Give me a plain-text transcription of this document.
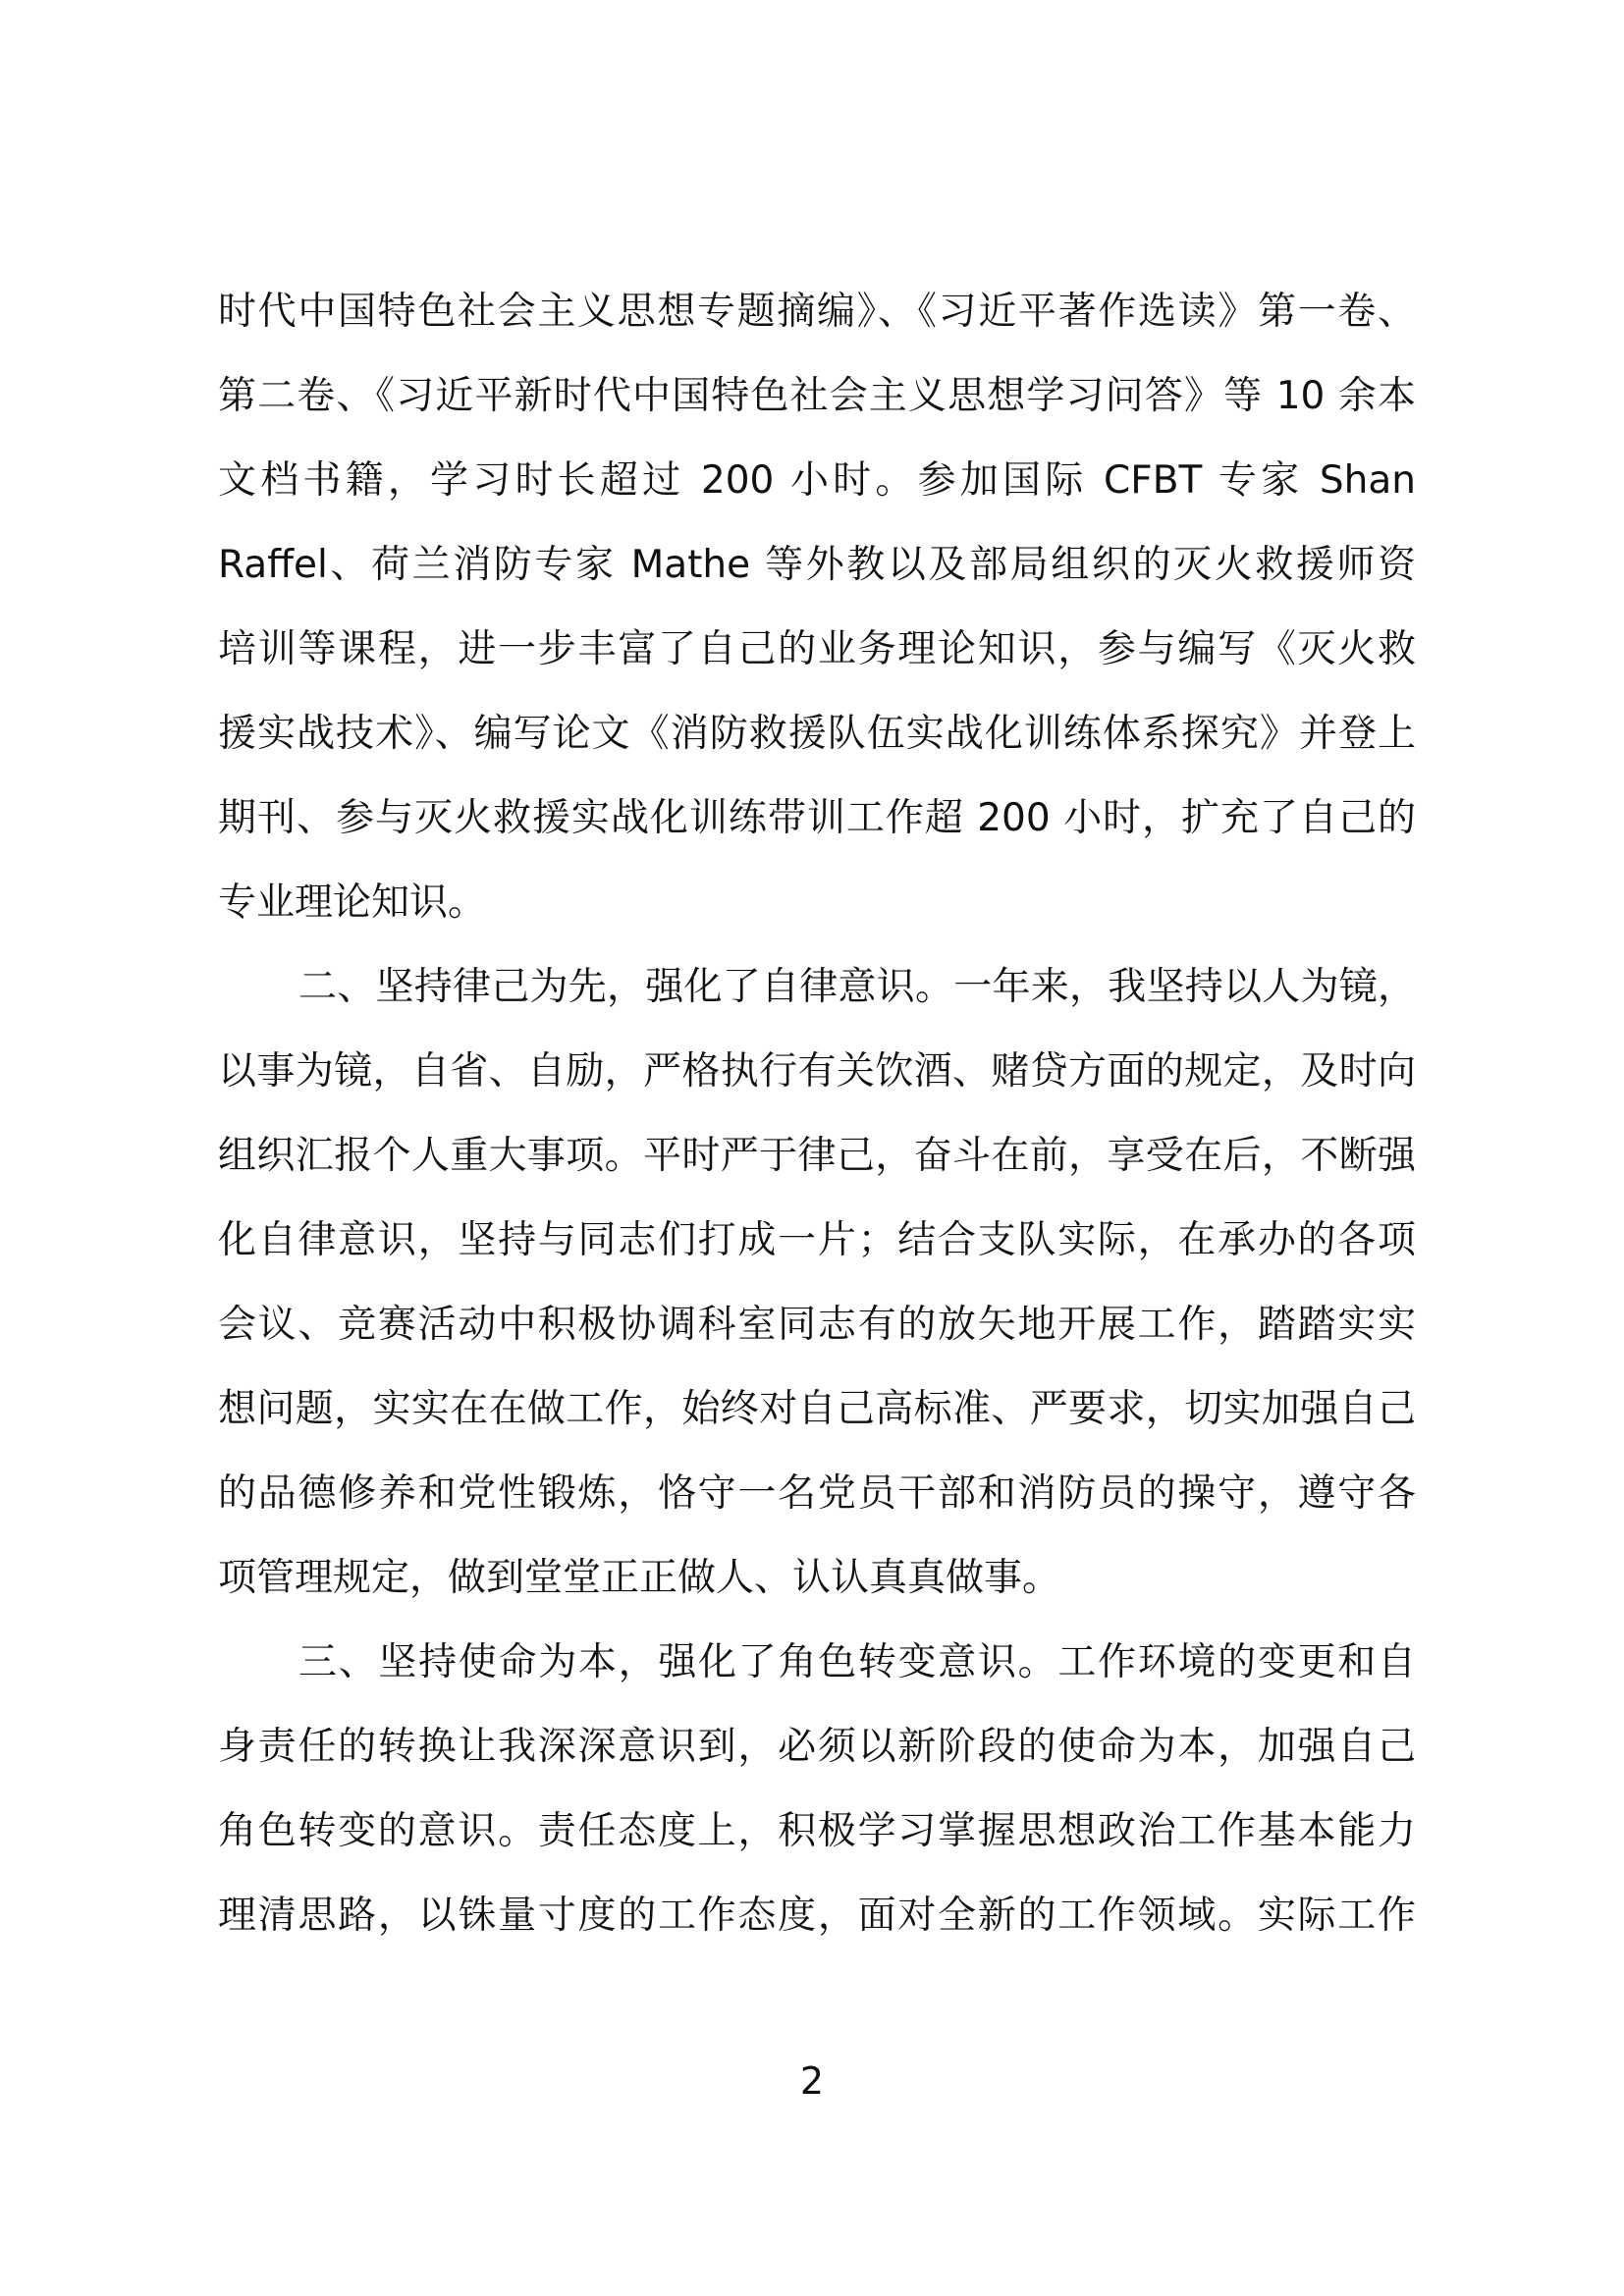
时代中国特色社会主义思想专题摘编》、《习近平著作选读》第一卷、
第二卷、《习近平新时代中国特色社会主义思想学习问答》等 10 余本
文档书籍，学习时长超过 200 小时。参加国际 CFBT 专家 Shan
Raffel、荷兰消防专家 Mathe 等外教以及部局组织的灭火救援师资
培训等课程，进一步丰富了自己的业务理论知识，参与编写《灭火救
援实战技术》、编写论文《消防救援队伍实战化训练体系探究》并登上
期刊、参与灭火救援实战化训练带训工作超 200 小时，扩充了自己的
专业理论知识。
二、坚持律己为先，强化了自律意识。一年来，我坚持以人为镜，
以事为镜，自省、自励，严格执行有关饮酒、赌贷方面的规定，及时向
组织汇报个人重大事项。平时严于律己，奋斗在前，享受在后，不断强
化自律意识，坚持与同志们打成一片；结合支队实际，在承办的各项
会议、竞赛活动中积极协调科室同志有的放矢地开展工作，踏踏实实
想问题，实实在在做工作，始终对自己高标准、严要求，切实加强自己
的品德修养和党性锻炼，恪守一名党员干部和消防员的操守，遵守各
项管理规定，做到堂堂正正做人、认认真真做事。
三、坚持使命为本，强化了角色转变意识。工作环境的变更和自
身责任的转换让我深深意识到，必须以新阶段的使命为本，加强自己
角色转变的意识。责任态度上，积极学习掌握思想政治工作基本能力
理清思路，以铢量寸度的工作态度，面对全新的工作领域。实际工作
2
